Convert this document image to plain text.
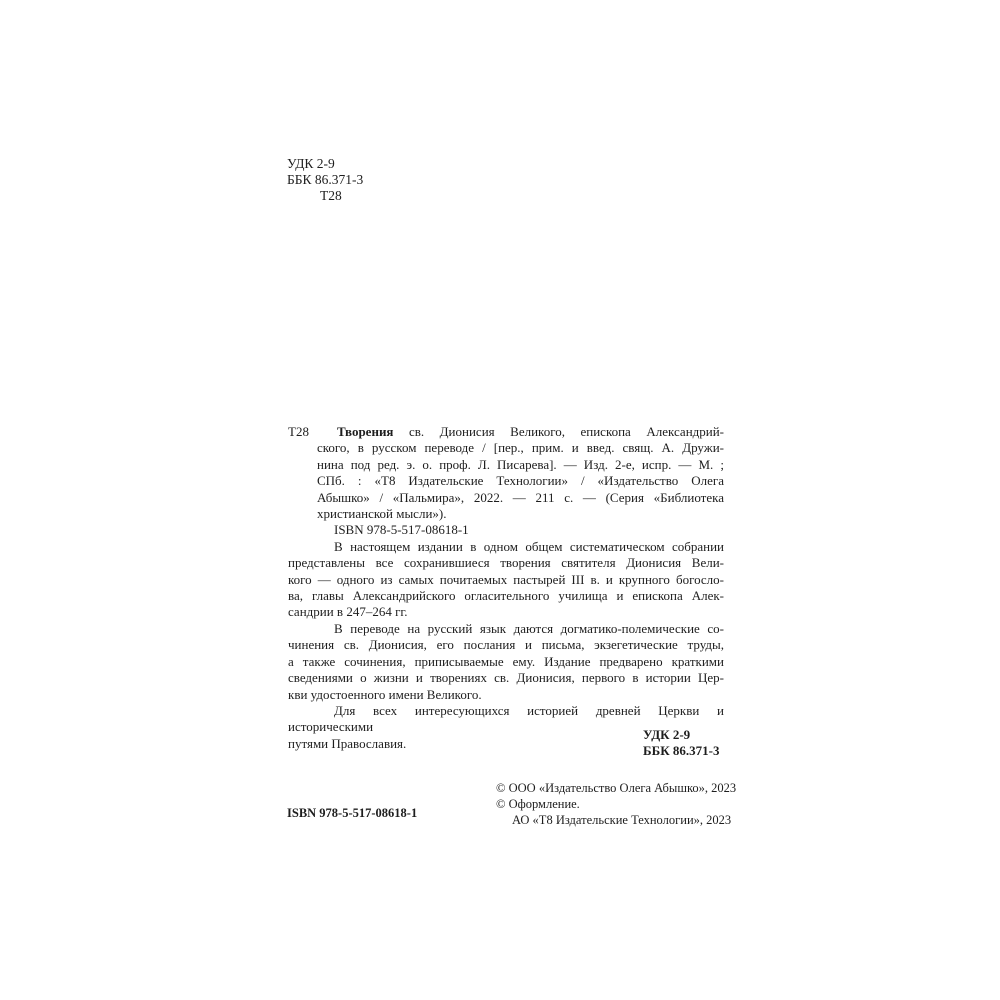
УДК 2-9
ББК 86.371-3
Т28
Т28 Творения св. Дионисия Великого, епископа Александрий-
ского, в русском переводе / [пер., прим. и введ. свящ. А. Дружи-
нина под ред. э. о. проф. Л. Писарева]. — Изд. 2-е, испр. — М. ;
СПб. : «Т8 Издательские Технологии» / «Издательство Олега
Абышко» / «Пальмира», 2022. — 211 с. — (Серия «Библиотека
христианской мысли»).
ISBN 978-5-517-08618-1
В настоящем издании в одном общем систематическом собрании
представлены все сохранившиеся творения святителя Дионисия Вели-
кого — одного из самых почитаемых пастырей III в. и крупного богосло-
ва, главы Александрийского огласительного училища и епископа Алек-
сандрии в 247–264 гг.
В переводе на русский язык даются догматико-полемические со-
чинения св. Дионисия, его послания и письма, экзегетические труды,
а также сочинения, приписываемые ему. Издание предварено краткими
сведениями о жизни и творениях св. Дионисия, первого в истории Цер-
кви удостоенного имени Великого.
Для всех интересующихся историей древней Церкви и историческими
путями Православия.
УДК 2-9
ББК 86.371-3
© ООО «Издательство Олега Абышко», 2023
© Оформление.
АО «Т8 Издательские Технологии», 2023
ISBN 978-5-517-08618-1
